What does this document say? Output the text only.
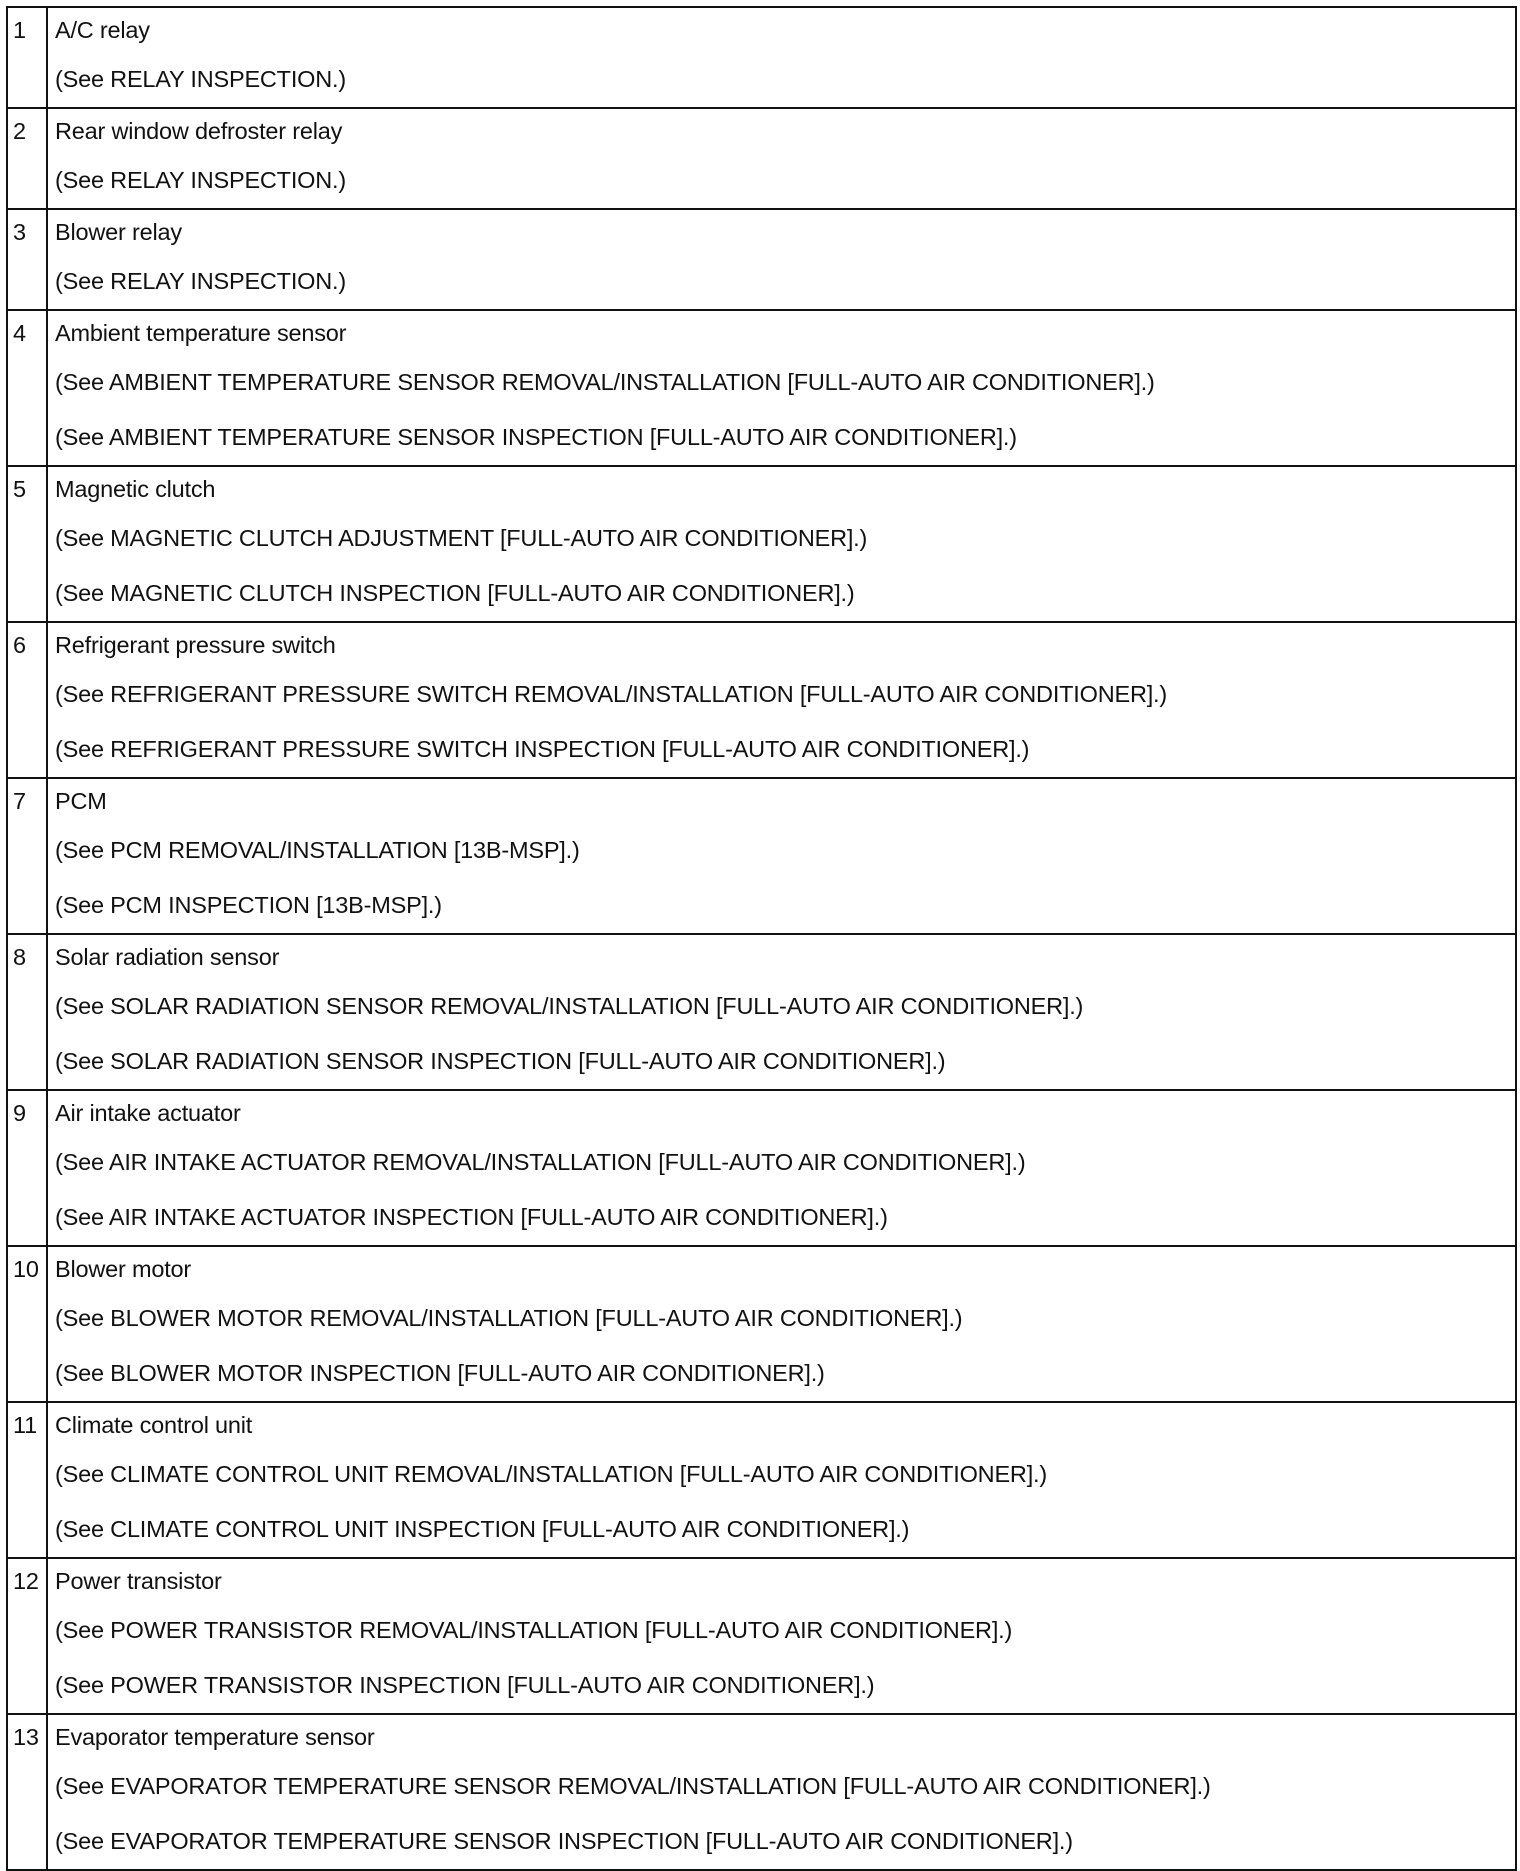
1	A/C relay
(See RELAY INSPECTION.)

2	Rear window defroster relay
(See RELAY INSPECTION.)

3	Blower relay
(See RELAY INSPECTION.)

4	Ambient temperature sensor
(See AMBIENT TEMPERATURE SENSOR REMOVAL/INSTALLATION [FULL-AUTO AIR CONDITIONER].)
(See AMBIENT TEMPERATURE SENSOR INSPECTION [FULL-AUTO AIR CONDITIONER].)

5	Magnetic clutch
(See MAGNETIC CLUTCH ADJUSTMENT [FULL-AUTO AIR CONDITIONER].)
(See MAGNETIC CLUTCH INSPECTION [FULL-AUTO AIR CONDITIONER].)

6	Refrigerant pressure switch
(See REFRIGERANT PRESSURE SWITCH REMOVAL/INSTALLATION [FULL-AUTO AIR CONDITIONER].)
(See REFRIGERANT PRESSURE SWITCH INSPECTION [FULL-AUTO AIR CONDITIONER].)

7	PCM
(See PCM REMOVAL/INSTALLATION [13B-MSP].)
(See PCM INSPECTION [13B-MSP].)

8	Solar radiation sensor
(See SOLAR RADIATION SENSOR REMOVAL/INSTALLATION [FULL-AUTO AIR CONDITIONER].)
(See SOLAR RADIATION SENSOR INSPECTION [FULL-AUTO AIR CONDITIONER].)

9	Air intake actuator
(See AIR INTAKE ACTUATOR REMOVAL/INSTALLATION [FULL-AUTO AIR CONDITIONER].)
(See AIR INTAKE ACTUATOR INSPECTION [FULL-AUTO AIR CONDITIONER].)

10	Blower motor
(See BLOWER MOTOR REMOVAL/INSTALLATION [FULL-AUTO AIR CONDITIONER].)
(See BLOWER MOTOR INSPECTION [FULL-AUTO AIR CONDITIONER].)

11	Climate control unit
(See CLIMATE CONTROL UNIT REMOVAL/INSTALLATION [FULL-AUTO AIR CONDITIONER].)
(See CLIMATE CONTROL UNIT INSPECTION [FULL-AUTO AIR CONDITIONER].)

12	Power transistor
(See POWER TRANSISTOR REMOVAL/INSTALLATION [FULL-AUTO AIR CONDITIONER].)
(See POWER TRANSISTOR INSPECTION [FULL-AUTO AIR CONDITIONER].)

13	Evaporator temperature sensor
(See EVAPORATOR TEMPERATURE SENSOR REMOVAL/INSTALLATION [FULL-AUTO AIR CONDITIONER].)
(See EVAPORATOR TEMPERATURE SENSOR INSPECTION [FULL-AUTO AIR CONDITIONER].)
